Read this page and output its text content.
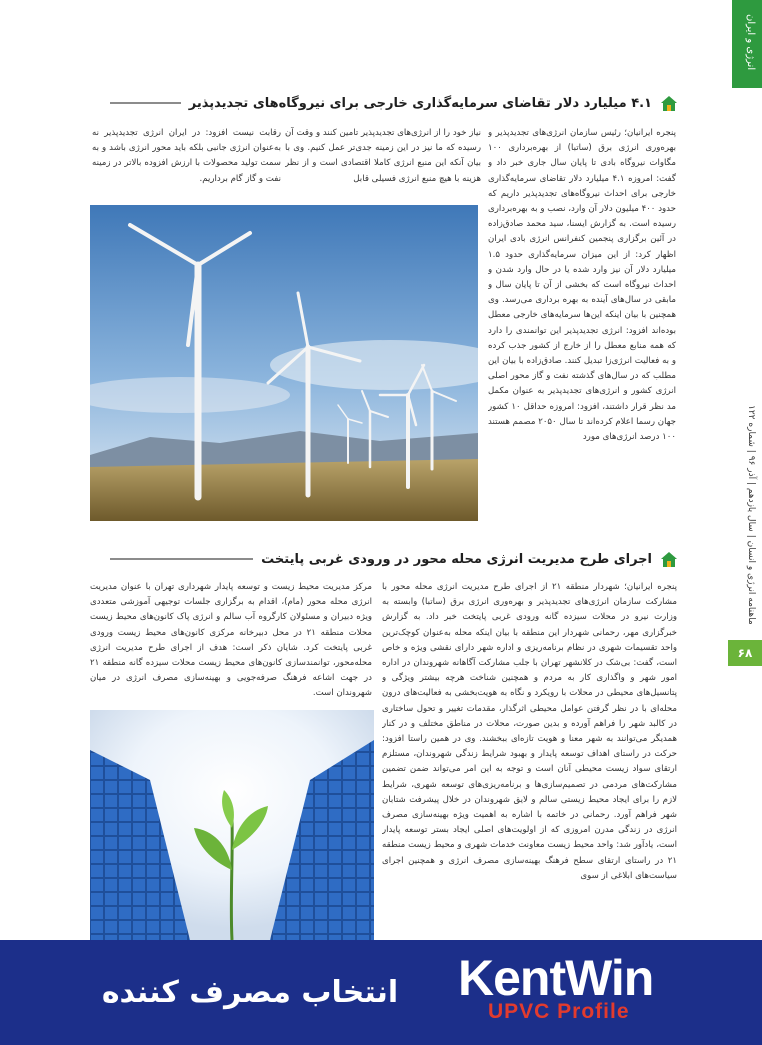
انرژی و ایران
ماهنامه انرژی و انسان | سال یازدهم | آذر ۹۶ | شماره ۱۲۲
۶۸
۴.۱ میلیارد دلار تقاضای سرمایه‌گذاری خارجی برای نیروگاه‌های تجدیدپذیر
پنجره ایرانیان؛ رئیس سازمان انرژی‌های تجدیدپذیر و بهره‌وری انرژی برق (ساتبا) از بهره‌برداری ۱۰۰ مگاوات نیروگاه بادی تا پایان سال جاری خبر داد و گفت: امروزه ۴.۱ میلیارد دلار تقاضای سرمایه‌گذاری خارجی برای احداث نیروگاه‌های تجدیدپذیر داریم که حدود ۴۰۰ میلیون دلار آن وارد، نصب و به بهره‌برداری رسیده است. به گزارش ایسنا، سید محمد صادق‌زاده در آئین برگزاری پنجمین کنفرانس انرژی بادی ایران اظهار کرد: از این میزان سرمایه‌گذاری حدود ۱.۵ میلیارد دلار آن نیز وارد شده یا در حال وارد شدن و احداث نیروگاه است که بخشی از آن تا پایان سال و مابقی در سال‌های آینده به بهره برداری می‌رسد. وی همچنین با بیان اینکه این‌ها سرمایه‌های خارجی معطل بوده‌اند افزود: انرژی تجدیدپذیر این توانمندی را دارد که همه منابع معطل را از خارج از کشور جذب کرده و به فعالیت انرژی‌زا تبدیل کنند. صادق‌زاده با بیان این مطلب که در سال‌های گذشته نفت و گاز محور اصلی انرژی کشور و انرژی‌های تجدیدپذیر به عنوان مکمل مد نظر قرار داشتند، افزود: امروزه حداقل ۱۰ کشور جهان رسما اعلام کرده‌اند تا سال ۲۰۵۰ مصمم هستند ۱۰۰ درصد انرژی‌های مورد
نیاز خود را از انرژی‌های تجدیدپذیر تامین کنند و وقت آن رسیده که ما نیز در این زمینه جدی‌تر عمل کنیم. وی با بیان آنکه این منبع انرژی کاملا اقتصادی است و از نظر هزینه با هیچ منبع انرژی فسیلی قابل
رقابت نیست افزود: در ایران انرژی تجدیدپذیر نه به‌عنوان انرژی جانبی بلکه باید محور انرژی باشد و به سمت تولید محصولات با ارزش افزوده بالاتر در زمینه نفت و گاز گام برداریم.
اجرای طرح مدیریت انرژی محله محور در ورودی غربی پایتخت
پنجره ایرانیان؛ شهردار منطقه ۲۱ از اجرای طرح مدیریت انرژی محله محور با مشارکت سازمان انرژی‌های تجدیدپذیر و بهره‌وری انرژی برق (ساتبا) وابسته به وزارت نیرو در محلات سیزده گانه ورودی غربی پایتخت خبر داد. به گزارش خبرگزاری مهر، رحمانی شهردار این منطقه با بیان اینکه محله به‌عنوان کوچک‌ترین واحد تقسیمات شهری در نظام برنامه‌ریزی و اداره شهر دارای نقشی ویژه و خاص است، گفت: بی‌شک در کلانشهر تهران با جلب مشارکت آگاهانه شهروندان در اداره امور شهر و واگذاری کار به مردم و همچنین شناخت هرچه بیشتر ویژگی و پتانسیل‌های محیطی در محلات با رویکرد و نگاه به هویت‌بخشی به فعالیت‌های درون محله‌ای با در نظر گرفتن عوامل محیطی اثرگذار، مقدمات تغییر و تحول ساختاری در کالبد شهر را فراهم آورده و بدین صورت، محلات در مناطق مختلف و در کنار همدیگر می‌توانند به شهر معنا و هویت تازه‌ای ببخشند. وی در همین راستا افزود: حرکت در راستای اهداف توسعه پایدار و بهبود شرایط زندگی شهروندان، مستلزم ارتقای سواد زیست محیطی آنان است و توجه به این امر می‌تواند ضمن تضمین مشارکت‌های مردمی در تصمیم‌سازی‌ها و برنامه‌ریزی‌های توسعه شهری، شرایط لازم را برای ایجاد محیط زیستی سالم و لایق شهروندان در خلال پیشرفت شتابان شهر فراهم آورد. رحمانی در خاتمه با اشاره به اهمیت ویژه بهینه‌سازی مصرف انرژی در زندگی مدرن امروزی که از اولویت‌های اصلی ایجاد بستر توسعه پایدار است، یادآور شد: واحد محیط زیست معاونت خدمات شهری و محیط زیست منطقه ۲۱ در راستای ارتقای سطح فرهنگ بهینه‌سازی مصرف انرژی و همچنین اجرای سیاست‌های ابلاغی از سوی
مرکز مدیریت محیط زیست و توسعه پایدار شهرداری تهران با عنوان مدیریت انرژی محله محور (مام)، اقدام به برگزاری جلسات توجیهی آموزشی متعددی ویژه دبیران و مسئولان کارگروه آب سالم و انرژی پاک کانون‌های محیط زیست محلات منطقه ۲۱ در محل دبیرخانه مرکزی کانون‌های محیط زیست ورودی غربی پایتخت کرد. شایان ذکر است: هدف از اجرای طرح مدیریت انرژی محله‌محور، توانمندسازی کانون‌های محیط زیست محلات سیزده گانه منطقه ۲۱ در جهت اشاعه فرهنگ صرفه‌جویی و بهینه‌سازی مصرف انرژی در میان شهروندان است.
انتخاب مصرف کننده	KentWin
UPVC Profile
